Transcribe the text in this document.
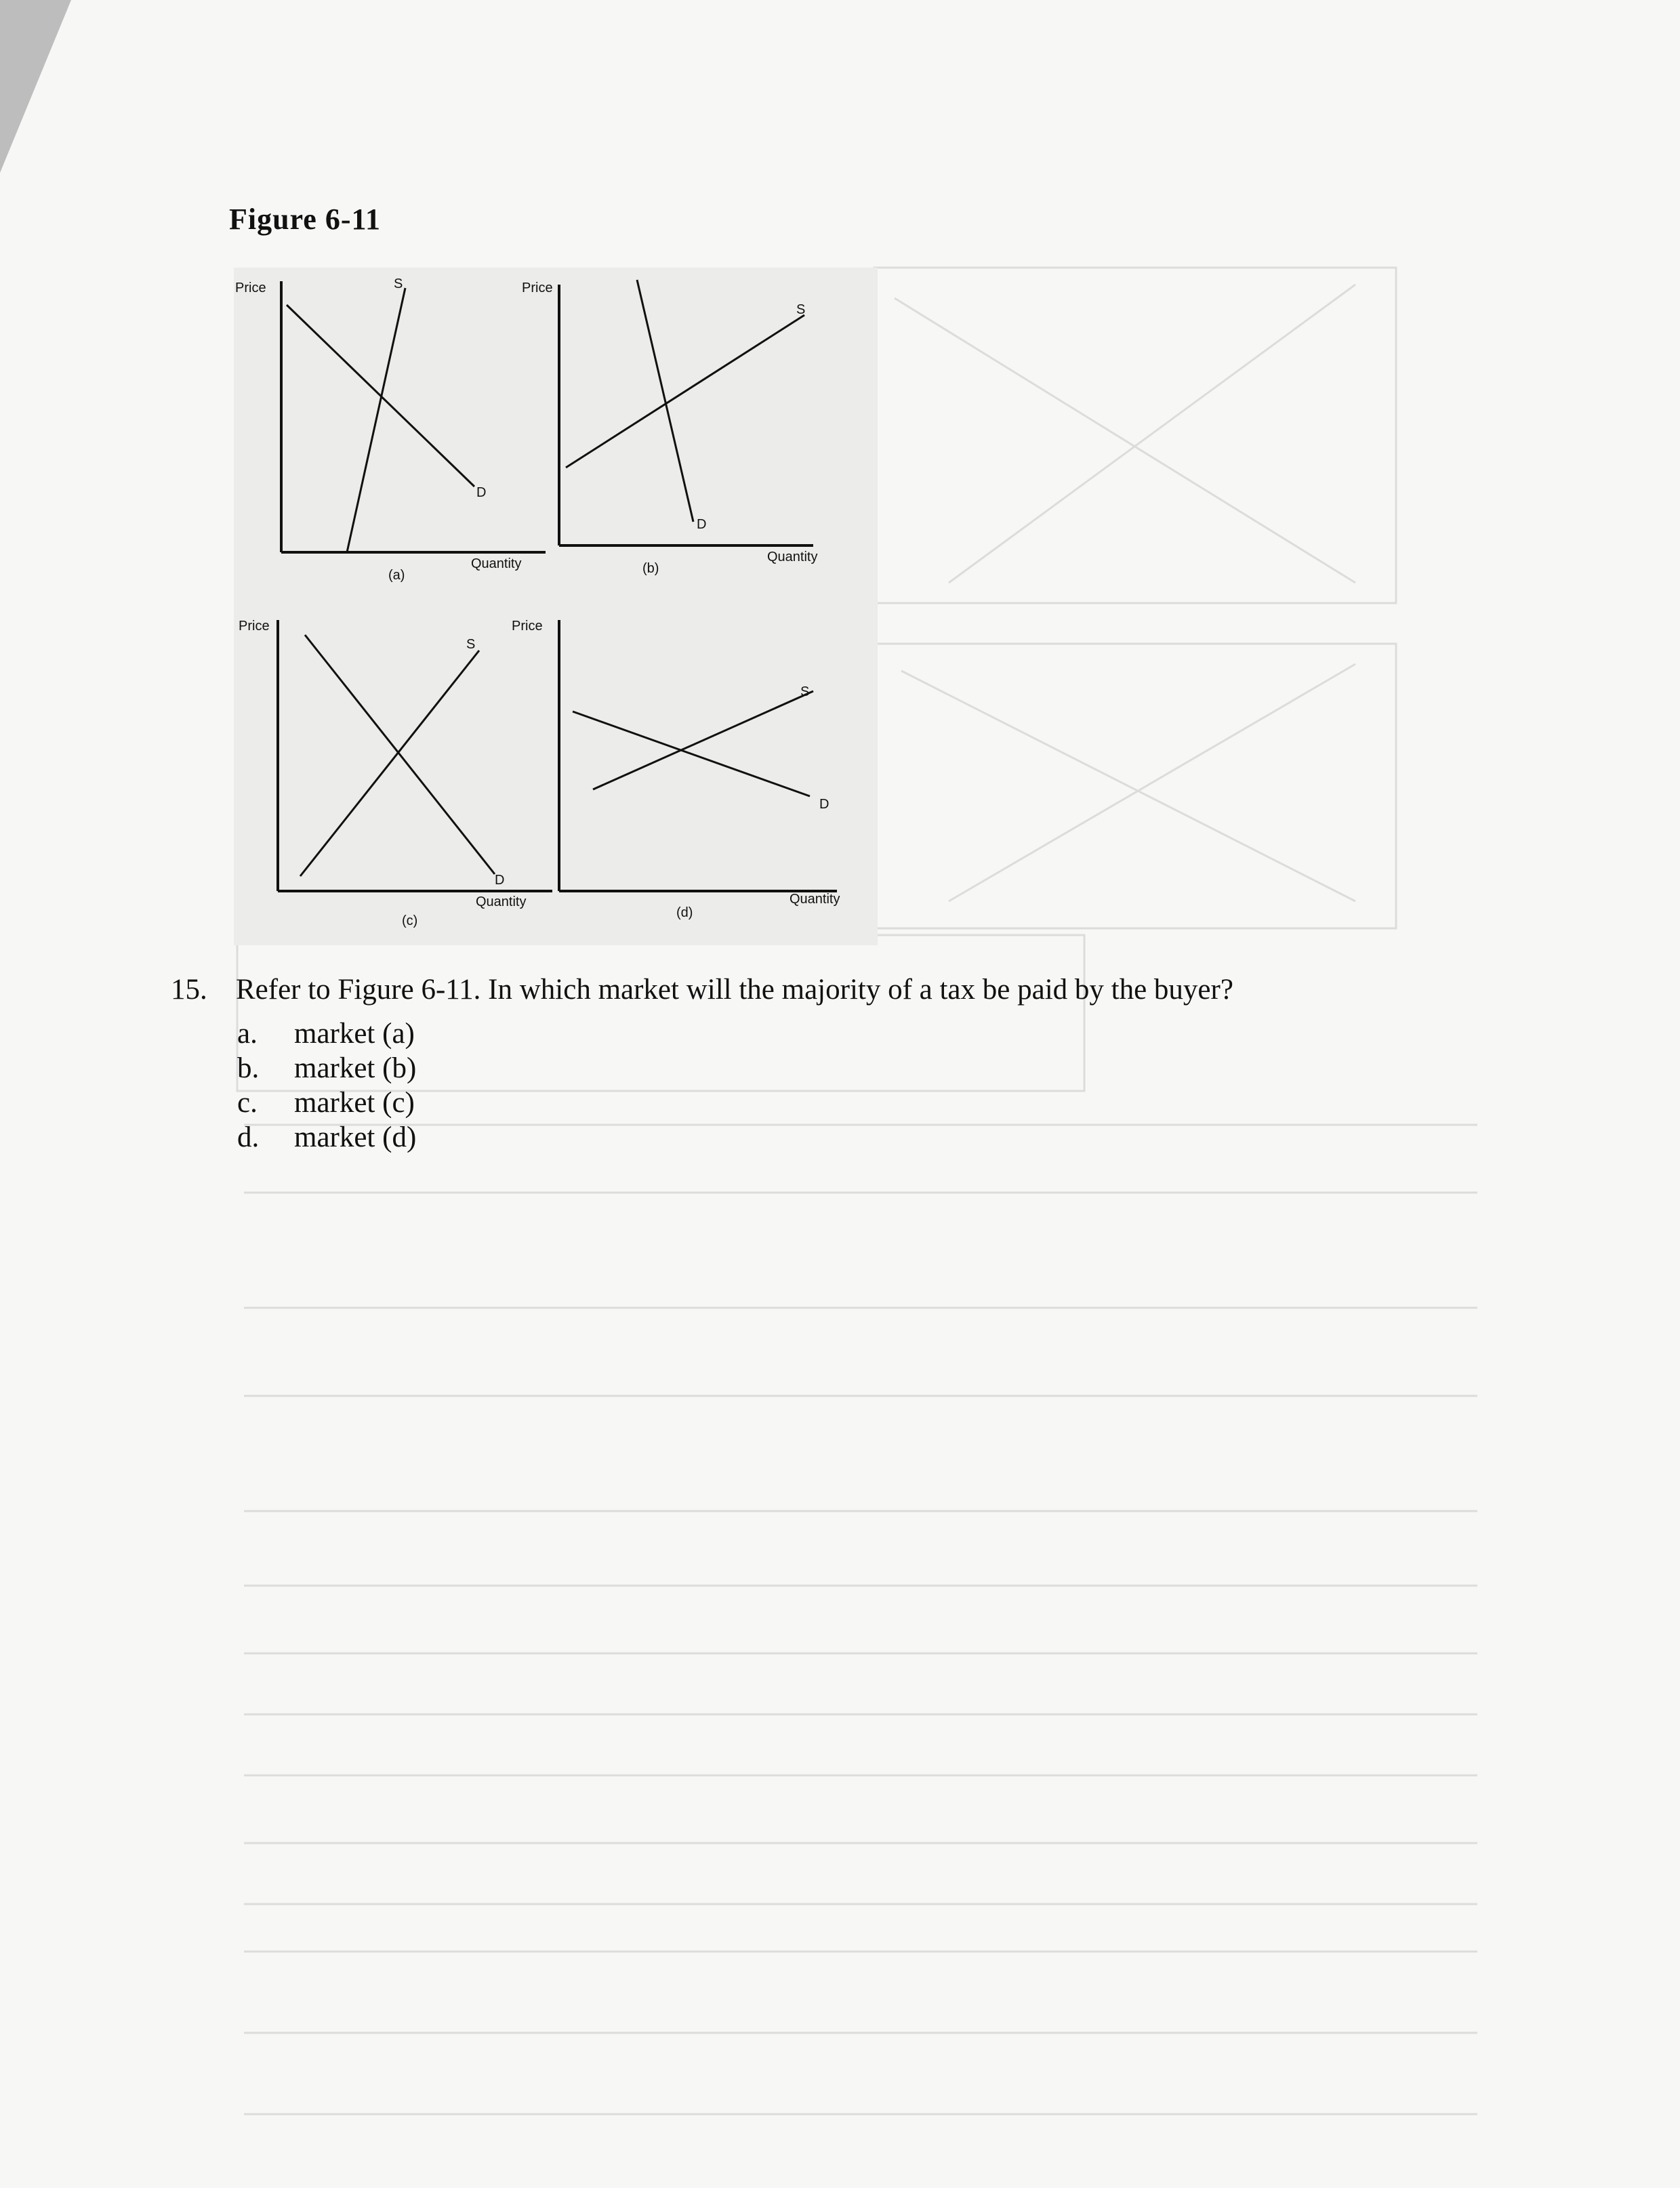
Figure 6-11
Price	S
D
Quantity
(a)
Price
S
D
Quantity
(b)
Price
S
D
Quantity
(c)
Price
S
D
Quantity
(d)
15. Refer to Figure 6-11. In which market will the majority of a tax be paid by the buyer?
a.	market (a)
b.	market (b)
c.	market (c)
d.	market (d)
